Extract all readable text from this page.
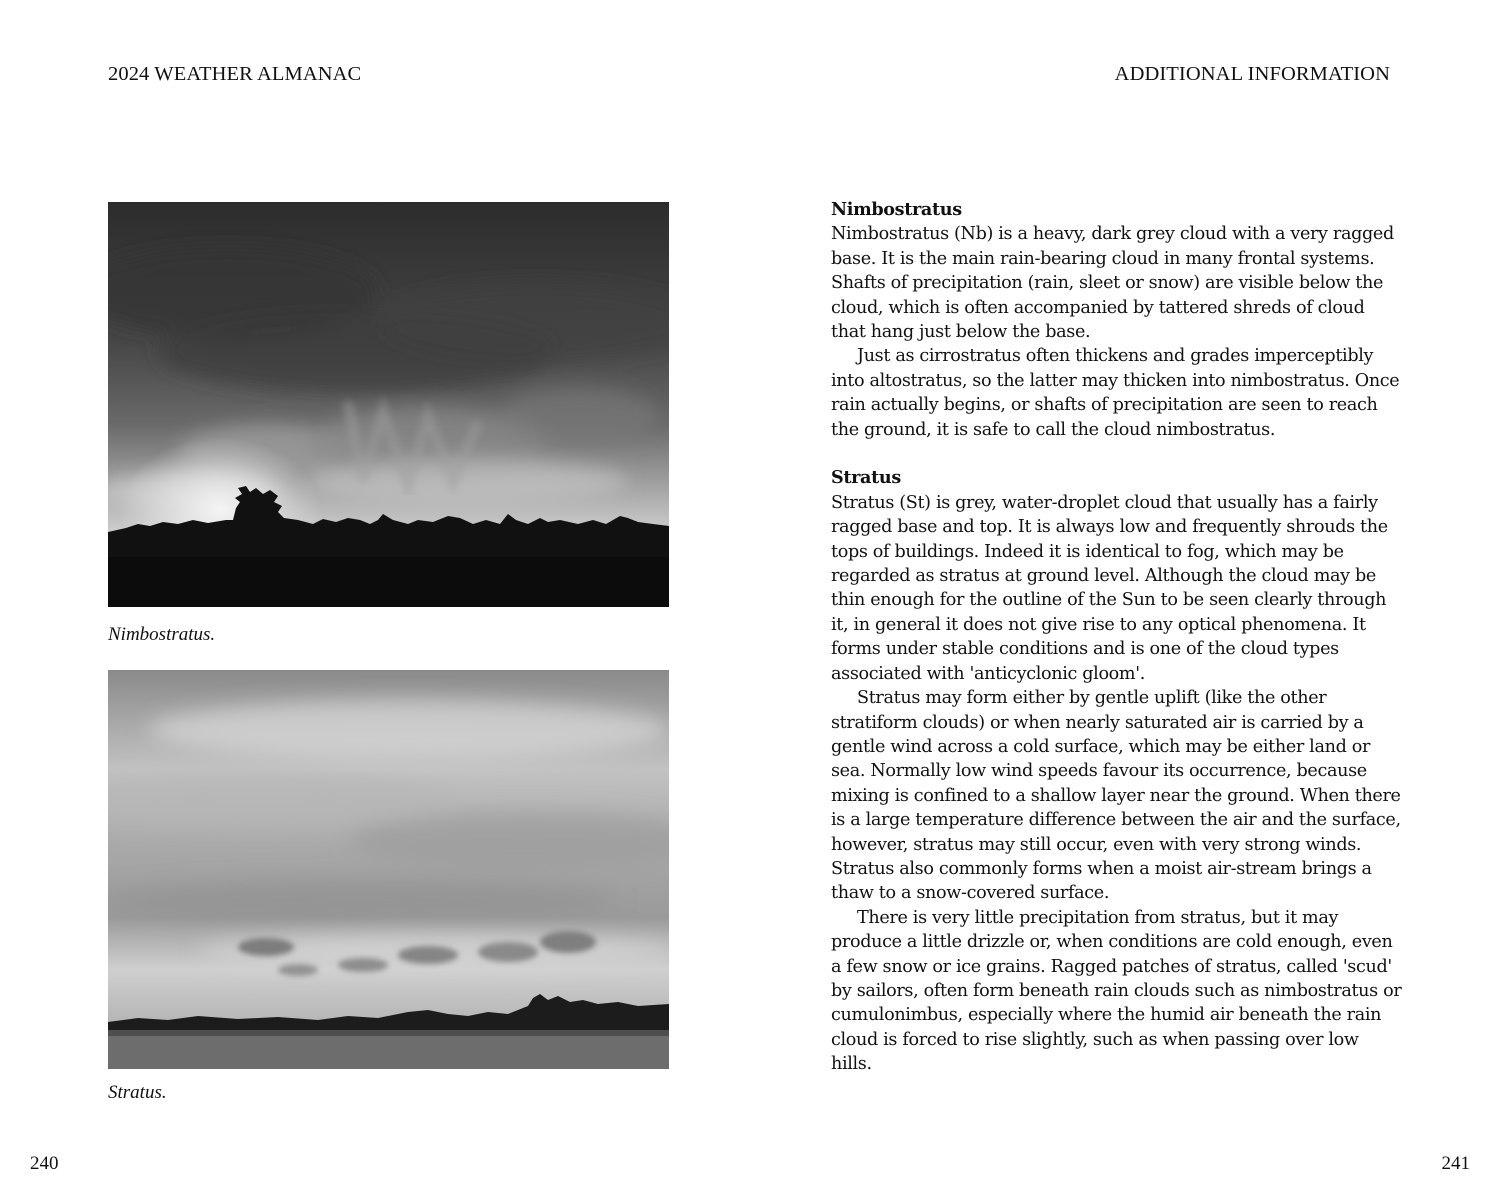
2024 WEATHER ALMANAC	ADDITIONAL INFORMATION
Nimbostratus.
Stratus.
Nimbostratus

Nimbostratus (Nb) is a heavy, dark grey cloud with a very ragged base. It is the main rain-bearing cloud in many frontal systems. Shafts of precipitation (rain, sleet or snow) are visible below the cloud, which is often accompanied by tattered shreds of cloud that hang just below the base.

Just as cirrostratus often thickens and grades imperceptibly into altostratus, so the latter may thicken into nimbostratus. Once rain actually begins, or shafts of precipitation are seen to reach the ground, it is safe to call the cloud nimbostratus.

Stratus

Stratus (St) is grey, water-droplet cloud that usually has a fairly ragged base and top. It is always low and frequently shrouds the tops of buildings. Indeed it is identical to fog, which may be regarded as stratus at ground level. Although the cloud may be thin enough for the outline of the Sun to be seen clearly through it, in general it does not give rise to any optical phenomena. It forms under stable conditions and is one of the cloud types associated with 'anticyclonic gloom'.

Stratus may form either by gentle uplift (like the other stratiform clouds) or when nearly saturated air is carried by a gentle wind across a cold surface, which may be either land or sea. Normally low wind speeds favour its occurrence, because mixing is confined to a shallow layer near the ground. When there is a large temperature difference between the air and the surface, however, stratus may still occur, even with very strong winds. Stratus also commonly forms when a moist air-stream brings a thaw to a snow-covered surface.

There is very little precipitation from stratus, but it may produce a little drizzle or, when conditions are cold enough, even a few snow or ice grains. Ragged patches of stratus, called 'scud' by sailors, often form beneath rain clouds such as nimbostratus or cumulonimbus, especially where the humid air beneath the rain cloud is forced to rise slightly, such as when passing over low hills.

240	241
